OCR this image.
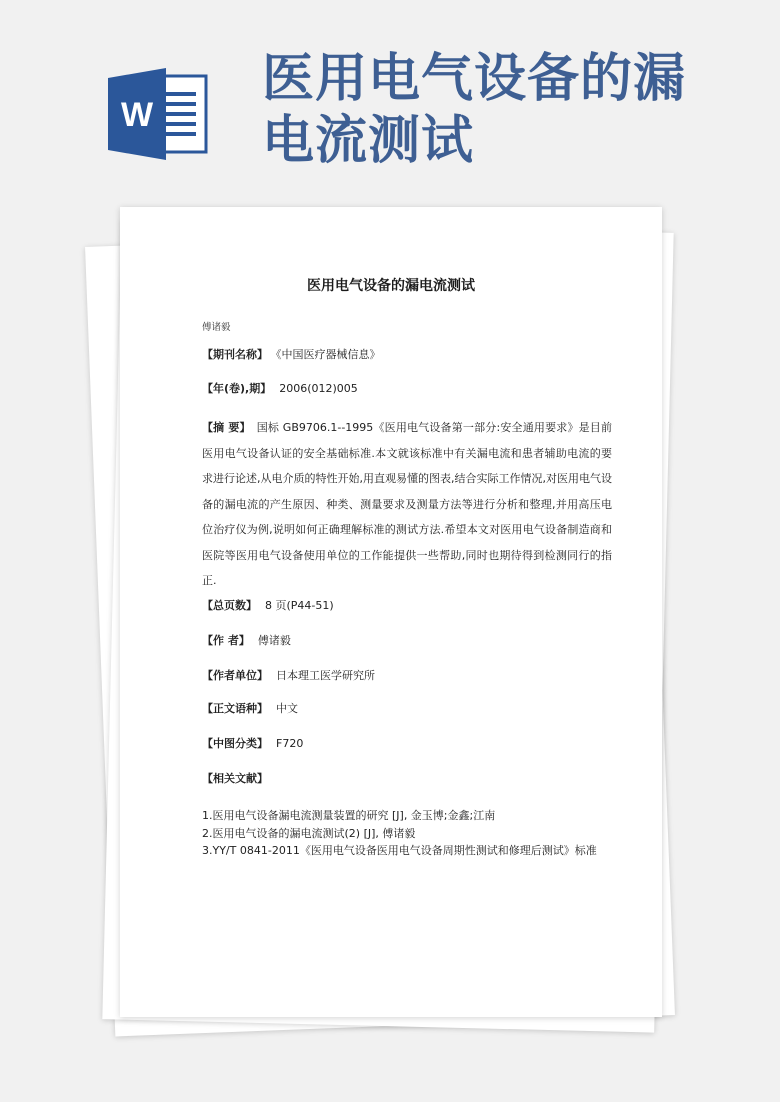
W
医用电气设备的漏
电流测试
医用电气设备的漏电流测试
傅诸毅
【期刊名称】 《中国医疗器械信息》
【年(卷),期】 2006(012)005
【摘 要】 国标 GB9706.1--1995《医用电气设备第一部分:安全通用要求》是目前医用电气设备认证的安全基础标准.本文就该标准中有关漏电流和患者辅助电流的要求进行论述,从电介质的特性开始,用直观易懂的图表,结合实际工作情况,对医用电气设备的漏电流的产生原因、种类、测量要求及测量方法等进行分析和整理,并用高压电位治疗仪为例,说明如何正确理解标准的测试方法.希望本文对医用电气设备制造商和医院等医用电气设备使用单位的工作能提供一些帮助,同时也期待得到检测同行的指正.
【总页数】 8 页(P44-51)
【作 者】 傅诸毅
【作者单位】 日本理工医学研究所
【正文语种】 中文
【中图分类】 F720
【相关文献】
1.医用电气设备漏电流测量装置的研究 [J], 金玉博;金鑫;江南
2.医用电气设备的漏电流测试(2) [J], 傅诸毅
3.YY/T 0841-2011《医用电气设备医用电气设备周期性测试和修理后测试》标准
